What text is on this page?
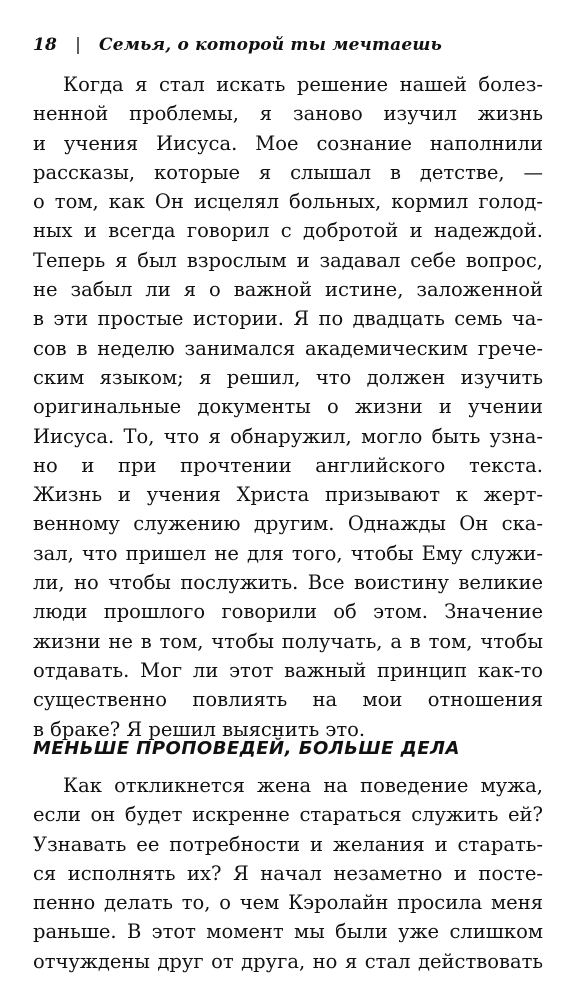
18 | Семья, о которой ты мечтаешь
Когда я стал искать решение нашей болез-
ненной проблемы, я заново изучил жизнь
и учения Иисуса. Мое сознание наполнили
рассказы, которые я слышал в детстве, —
о том, как Он исцелял больных, кормил голод-
ных и всегда говорил с добротой и надеждой.
Теперь я был взрослым и задавал себе вопрос,
не забыл ли я о важной истине, заложенной
в эти простые истории. Я по двадцать семь ча-
сов в неделю занимался академическим грече-
ским языком; я решил, что должен изучить
оригинальные документы о жизни и учении
Иисуса. То, что я обнаружил, могло быть узна-
но и при прочтении английского текста.
Жизнь и учения Христа призывают к жерт-
венному служению другим. Однажды Он ска-
зал, что пришел не для того, чтобы Ему служи-
ли, но чтобы послужить. Все воистину великие
люди прошлого говорили об этом. Значение
жизни не в том, чтобы получать, а в том, чтобы
отдавать. Мог ли этот важный принцип как-то
существенно повлиять на мои отношения
в браке? Я решил выяснить это.
МЕНЬШЕ ПРОПОВЕДЕЙ, БОЛЬШЕ ДЕЛА
Как откликнется жена на поведение мужа,
если он будет искренне стараться служить ей?
Узнавать ее потребности и желания и старать-
ся исполнять их? Я начал незаметно и посте-
пенно делать то, о чем Кэролайн просила меня
раньше. В этот момент мы были уже слишком
отчуждены друг от друга, но я стал действовать
